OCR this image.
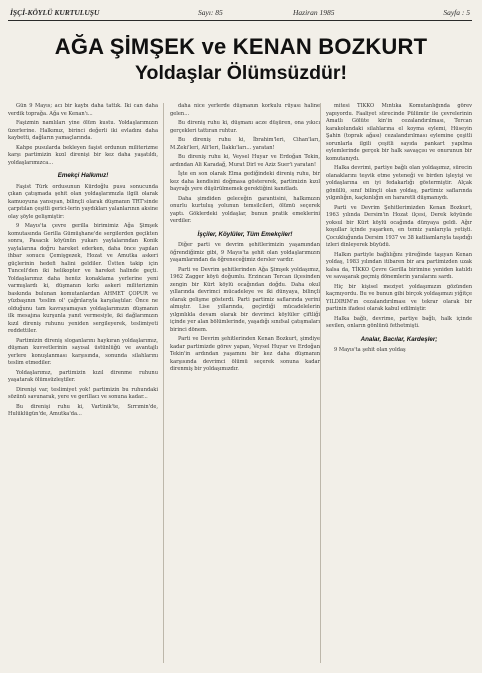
İŞÇİ-KÖYLÜ KURTULUŞU	Sayı: 85	Haziran 1985	Sayfa : 5
AĞA ŞİMŞEK ve KENAN BOZKURT
Yoldaşlar Ölümsüzdür!

Gün 9 Mayıs; acı bir kaybı daha tattık. İki can daha verdik toprağa. Ağa ve Kenan'ı...

Faşizmin namlıları yine ölüm kustu. Yoldaşlarımızın üzerlerine. Halkımız, birinci değerli iki evladını daha kaybetti, dağların yamaçlarında.

Kahpe pusularda bekleyen faşist ordunun militerizme karşı partimizin kızıl direnişi bir kez daha yaşatıldı, yoldaşlarımızca...

Emekçi Halkımız!

Faşist Türk ordusunun Kürdoğlu pusu sonucunda çıkan çatışmada şehit olan yoldaşlarımızla ilgili olarak kamuoyuna yansıyan, bilinçli olarak düşmanın TRT'sinde çarpıtılan çeşitli gerici-lerin yaydıkları yalanlarının aksine olay şöyle gelişmiştir:

9 Mayıs'ta çevre gerilla birimimiz Ağa Şimşek komutasında Gerilla Gümüşhane'de sergilerden geçikten sonra, Pasacık köyünün yukarı yaylalarından Konik yaylalarına doğru hareket ederken, daha önce yapılan ihbar sonucu Çemişgezek, Hozat ve Amutka askeri güçlerinin hedefi halini geldiler. Üstten takip için Tunceli'den iki helikopter ve hareket halinde geçti. Yoldaşlarımız daha henüz konaklama yerlerine yeni varmışlardı ki, düşmanın kırkı askeri militerizmin baskında bulunan komutanlardan AHMET ÇOPUR ve yüzbaşının 'teslim ol' çağrılarıyla karşılaştılar. Önce ne olduğunu tam kavrayamayan yoldaşlarımızın düşmanın ilk mesajına kurşunla yanıt vermesiyle, iki dağlarımızın kızıl direniş ruhunu yeniden sergileyerek, teslimiyeti reddettiler.

Partimizin direniş sloganlarını haykıran yoldaşlarımız, düşman kuvvetlerinin sayısal üstünlüğü ve avantajlı yerlere konuşlanması karşısında, sonunda silahlarını teslim etmediler.

Yoldaşlarımız, partimizin kızıl direnme ruhunu yaşatarak ölümsüzleştiler.

Direnişi var, teslimiyet yok! partimizin bu ruhundaki sözünü savunarak, yere ve gerillacı ve sonuna kadar...

Bu direnişi ruhu ki, Vartinik'te, Sırrımin'de, Hulüklügün'de, Amutka'da...

daha nice yerlerde düşmanın korkulu rüyası haline gelen...

Bu direniş ruhu ki, düşmanı acze düşüren, ona yıkıcı gerçekleri tattıran ruhtur.

Bu direniş ruhu ki, İbrahim'leri, Cihan'ları, M.Zeki'leri, Ali'leri, İlakkı'ları... yaratan!

Bu direniş ruhu ki, Veysel Huyar ve Erdoğan Tekin, ardından Ali Karadağ, Murat Dirl ve Aziz Suer'i yaratan!

İşte en son olarak Elma gediğindeki direniş ruhu, bir kez daha kendisini doğmasa göstererek, partimizin kızıl bayrağı yere düşürülmemek gerektiğini kanıtladı.

Daha şimdiden geleceğin garantisini, halkımızın onurlu kurtuluş yolunun temsilcileri, ölümü seçerek yaptı. Göklerdeki yoldaşlar, bunun pratik emeklerini verdiler.

İşçiler, Köylüler, Tüm Emekçiler!

Diğer parti ve devrim şehitlerimizin yaşamından öğrendiğimiz gibi, 9 Mayıs'ta şehit olan yoldaşlarımızın yaşamlarından da öğreneceğimiz dersler vardır.

Parti ve Devrim şehitlerinden Ağa Şimşek yoldaşımız, 1962 Zagger köyü doğumlu. Erzincan Tercan ilçesinden zengin bir Kürt köylü ocağından doğdu. Daha okul yıllarında devrimci mücadeleye ve iki dünyaya, bilinçli olarak gelişme gösterdi. Parti partimiz saflarında yerini almıştır. Lise yıllarında, geçirdiği mücadelelerin yılgınlıkla devam olarak bir devrimci köylüler çiftliği içinde yer alan bölümlerinde, yaşadığı sınıfsal çatışmaları birinci dönem.

Parti ve Devrim şehitlerinden Kenan Bozkurt, şimdiye kadar partimizde görev yapan, Veysel Huyar ve Erdoğan Tekin'in ardından yaşamını bir kez daha düşmanın karşısında devrimci ölümü seçerek sonuna kadar direnmiş bir yoldaşımızdır.

mitesi TİKKO Mıntıka Komutanlığında görev yapıyordu. Faaliyet sürecinde Pülümür ile çevrelerinin Amatlı Gölüte kin'in cezalandırılması, Tercan karakolundaki silahlarına el koyma eylemi, Hüseyin Şahin (toprak ağası) cezalandırılması eylemine çeşitli sorunlarla ilgili çeşitli sayıda pankart yapılma eylemlerinde gerçek bir halk savaşçısı ve onurunun bir komutanıydı.

Halka devrimi, partiye bağlı olan yoldaşımız, sürecin olanaklarını teşvik etme yeteneği ve birden işleyişi ve yoldaşlarına en iyi fedakarlığı göstermiştir. Alçak gönüllü, sınıf bilinçli olan yoldaş, partimiz saflarında yılgınlığın, kaçkınlığın en hararetli düşmanıydı.

Parti ve Devrim Şehitlerimizden Kenan Bozkurt, 1963 yılında Dersim'in Hozat ilçesi, Derek köyünde yoksul bir Kürt köylü ocağında dünyaya geldi. Ağır koşullar içinde yaşarken, en temiz yanlarıyla yetişti. Çocukluğunda Dersim 1937 ve 38 katliamlarıyla taşıdığı izleri dinleyerek büyüdü.

Halkın partiyle bağlılığını yüreğinde taşıyan Kenan yoldaş, 1983 yılından itibaren bir ara partimizden uzak kalsa da, TİKKO Çevre Gerilla birimine yeniden katıldı ve savaşarak geçmiş dönemlerin yaralarını sardı.

Hiç bir kişisel meziyet yoldaşımızın gözünden kaçmıyordu. Bu ve bunun gibi birçok yoldaşımızı yiğitçe YILDIRIM'ın cezalandırılması ve tekrar olarak bir partinin ifadesi olarak kabul edilmiştir.

Halka bağlı, devrime, partiye bağlı, halk içinde sevilen, onların gönlünü fethetmişti.

Analar, Bacılar, Kardeşler;

9 Mayıs'ta şehit olan yoldaş
